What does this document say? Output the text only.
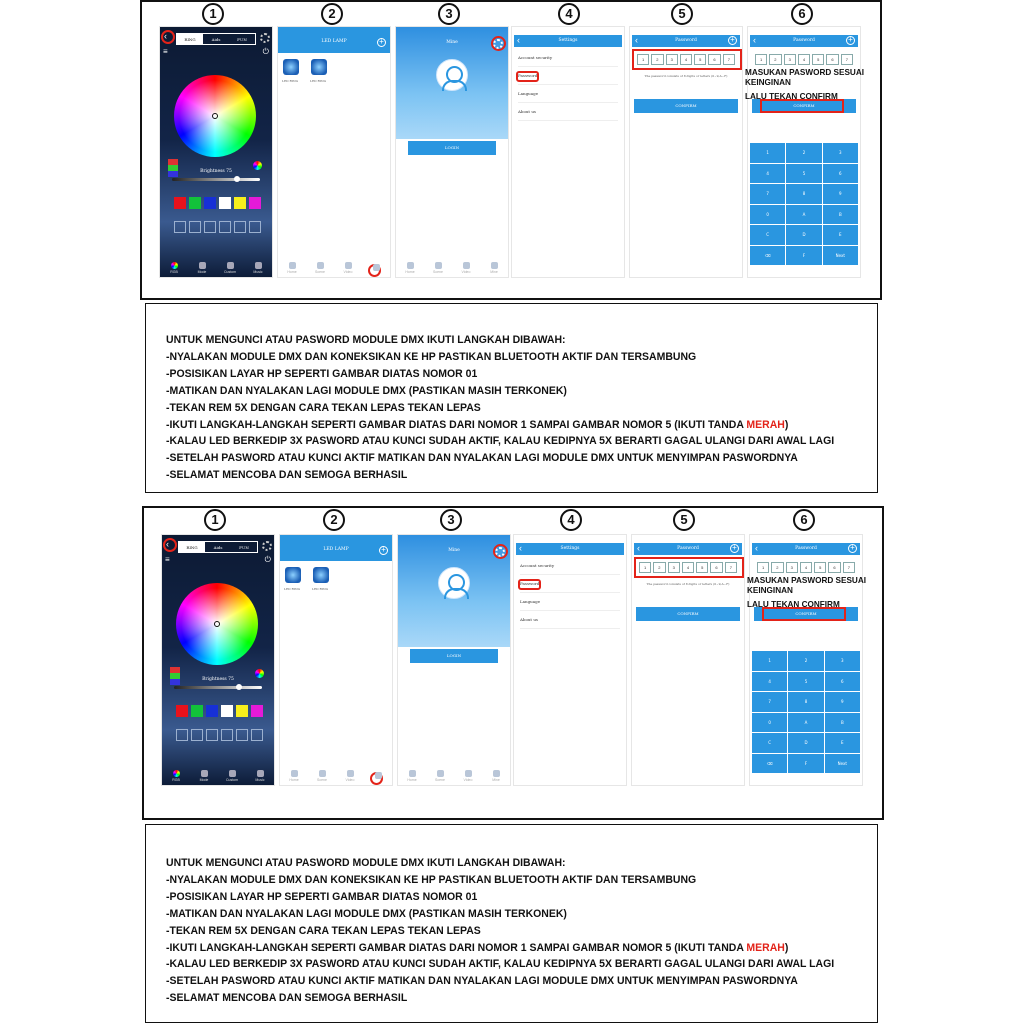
1	2	3	4	5	6
‹	RING	Aids	FUN
≡	⏻
Brightness 75
RGB	Mode	Custom	Music
LED LAMP	+
LED RING	LED RING
Home	Scene	Video
Mine
LOGIN
Home	Scene	Video	Mine
‹	Settings
Account security
Password
Language
About us
‹	Password	+
1	2	3	4	5	6	7
The password consists of 8 digits or letters (0~9,A~F)
CONFIRM
‹	Password	+
1	2	3	4	5	6	7
CONFIRM
1	2	3
4	5	6
7	8	9
0	A	B
C	D	E
⌫	F	Next
MASUKAN PASWORD SESUAI
KEINGINAN
LALU TEKAN CONFIRM
UNTUK MENGUNCI ATAU PASWORD MODULE DMX IKUTI LANGKAH DIBAWAH:
-NYALAKAN MODULE DMX DAN KONEKSIKAN KE HP PASTIKAN BLUETOOTH AKTIF DAN TERSAMBUNG
-POSISIKAN LAYAR HP SEPERTI GAMBAR DIATAS NOMOR 01
-MATIKAN DAN NYALAKAN LAGI MODULE DMX (PASTIKAN MASIH TERKONEK)
-TEKAN REM 5X DENGAN CARA TEKAN LEPAS TEKAN LEPAS
-IKUTI LANGKAH-LANGKAH SEPERTI GAMBAR DIATAS DARI NOMOR 1 SAMPAI GAMBAR NOMOR 5 (IKUTI TANDA MERAH)
-KALAU LED BERKEDIP 3X PASWORD ATAU KUNCI SUDAH AKTIF, KALAU KEDIPNYA 5X BERARTI GAGAL ULANGI DARI AWAL LAGI
-SETELAH PASWORD ATAU KUNCI AKTIF MATIKAN DAN NYALAKAN LAGI MODULE DMX UNTUK MENYIMPAN PASWORDNYA
-SELAMAT MENCOBA DAN SEMOGA BERHASIL
1	2	3	4	5	6
‹	RING	Aids	FUN
≡	⏻
Brightness 75
RGB	Mode	Custom	Music
LED LAMP	+
LED RING	LED RING
Home	Scene	Video
Mine
LOGIN
Home	Scene	Video	Mine
‹	Settings
Account security
Password
Language
About us
‹	Password	+
1	2	3	4	5	6	7
The password consists of 8 digits or letters (0~9,A~F)
CONFIRM
‹	Password	+
1	2	3	4	5	6	7
CONFIRM
1	2	3
4	5	6
7	8	9
0	A	B
C	D	E
⌫	F	Next
MASUKAN PASWORD SESUAI
KEINGINAN
LALU TEKAN CONFIRM
UNTUK MENGUNCI ATAU PASWORD MODULE DMX IKUTI LANGKAH DIBAWAH:
-NYALAKAN MODULE DMX DAN KONEKSIKAN KE HP PASTIKAN BLUETOOTH AKTIF DAN TERSAMBUNG
-POSISIKAN LAYAR HP SEPERTI GAMBAR DIATAS NOMOR 01
-MATIKAN DAN NYALAKAN LAGI MODULE DMX (PASTIKAN MASIH TERKONEK)
-TEKAN REM 5X DENGAN CARA TEKAN LEPAS TEKAN LEPAS
-IKUTI LANGKAH-LANGKAH SEPERTI GAMBAR DIATAS DARI NOMOR 1 SAMPAI GAMBAR NOMOR 5 (IKUTI TANDA MERAH)
-KALAU LED BERKEDIP 3X PASWORD ATAU KUNCI SUDAH AKTIF, KALAU KEDIPNYA 5X BERARTI GAGAL ULANGI DARI AWAL LAGI
-SETELAH PASWORD ATAU KUNCI AKTIF MATIKAN DAN NYALAKAN LAGI MODULE DMX UNTUK MENYIMPAN PASWORDNYA
-SELAMAT MENCOBA DAN SEMOGA BERHASIL
